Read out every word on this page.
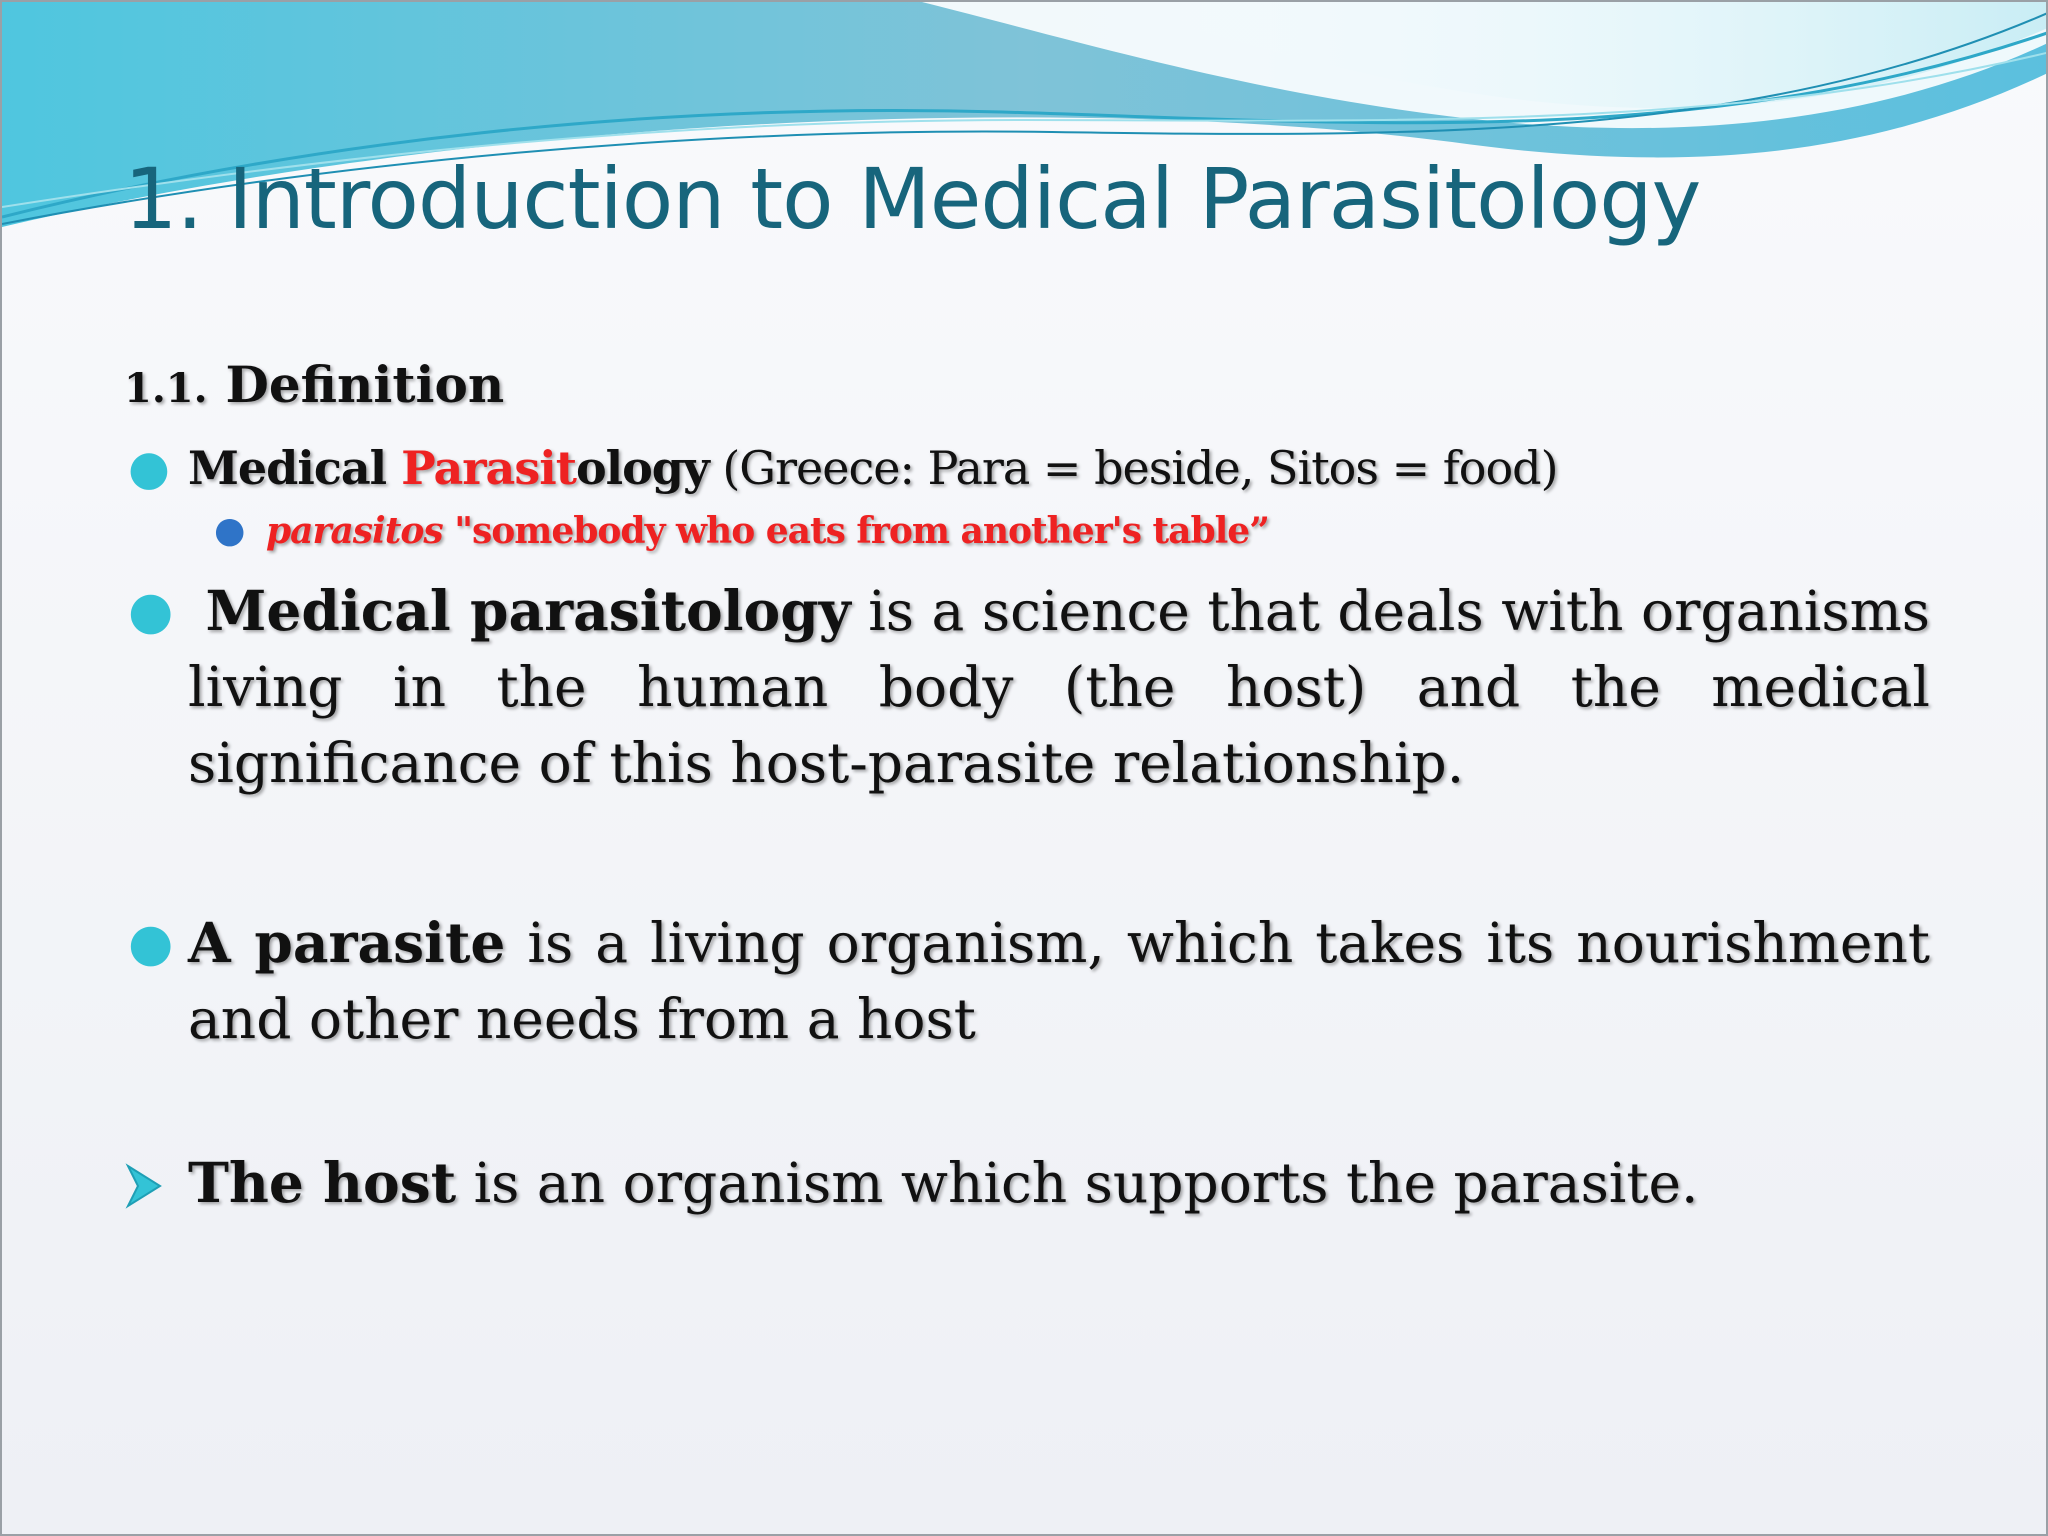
1. Introduction to Medical Parasitology
1.1. Definition
● Medical Parasitology (Greece: Para = beside, Sitos = food)
● parasitos "somebody who eats from another's table”
● Medical parasitology is a science that deals with organisms living in the human body (the host) and the medical significance of this host-parasite relationship.
● A parasite is a living organism, which takes its nourishment and other needs from a host
The host is an organism which supports the parasite.
